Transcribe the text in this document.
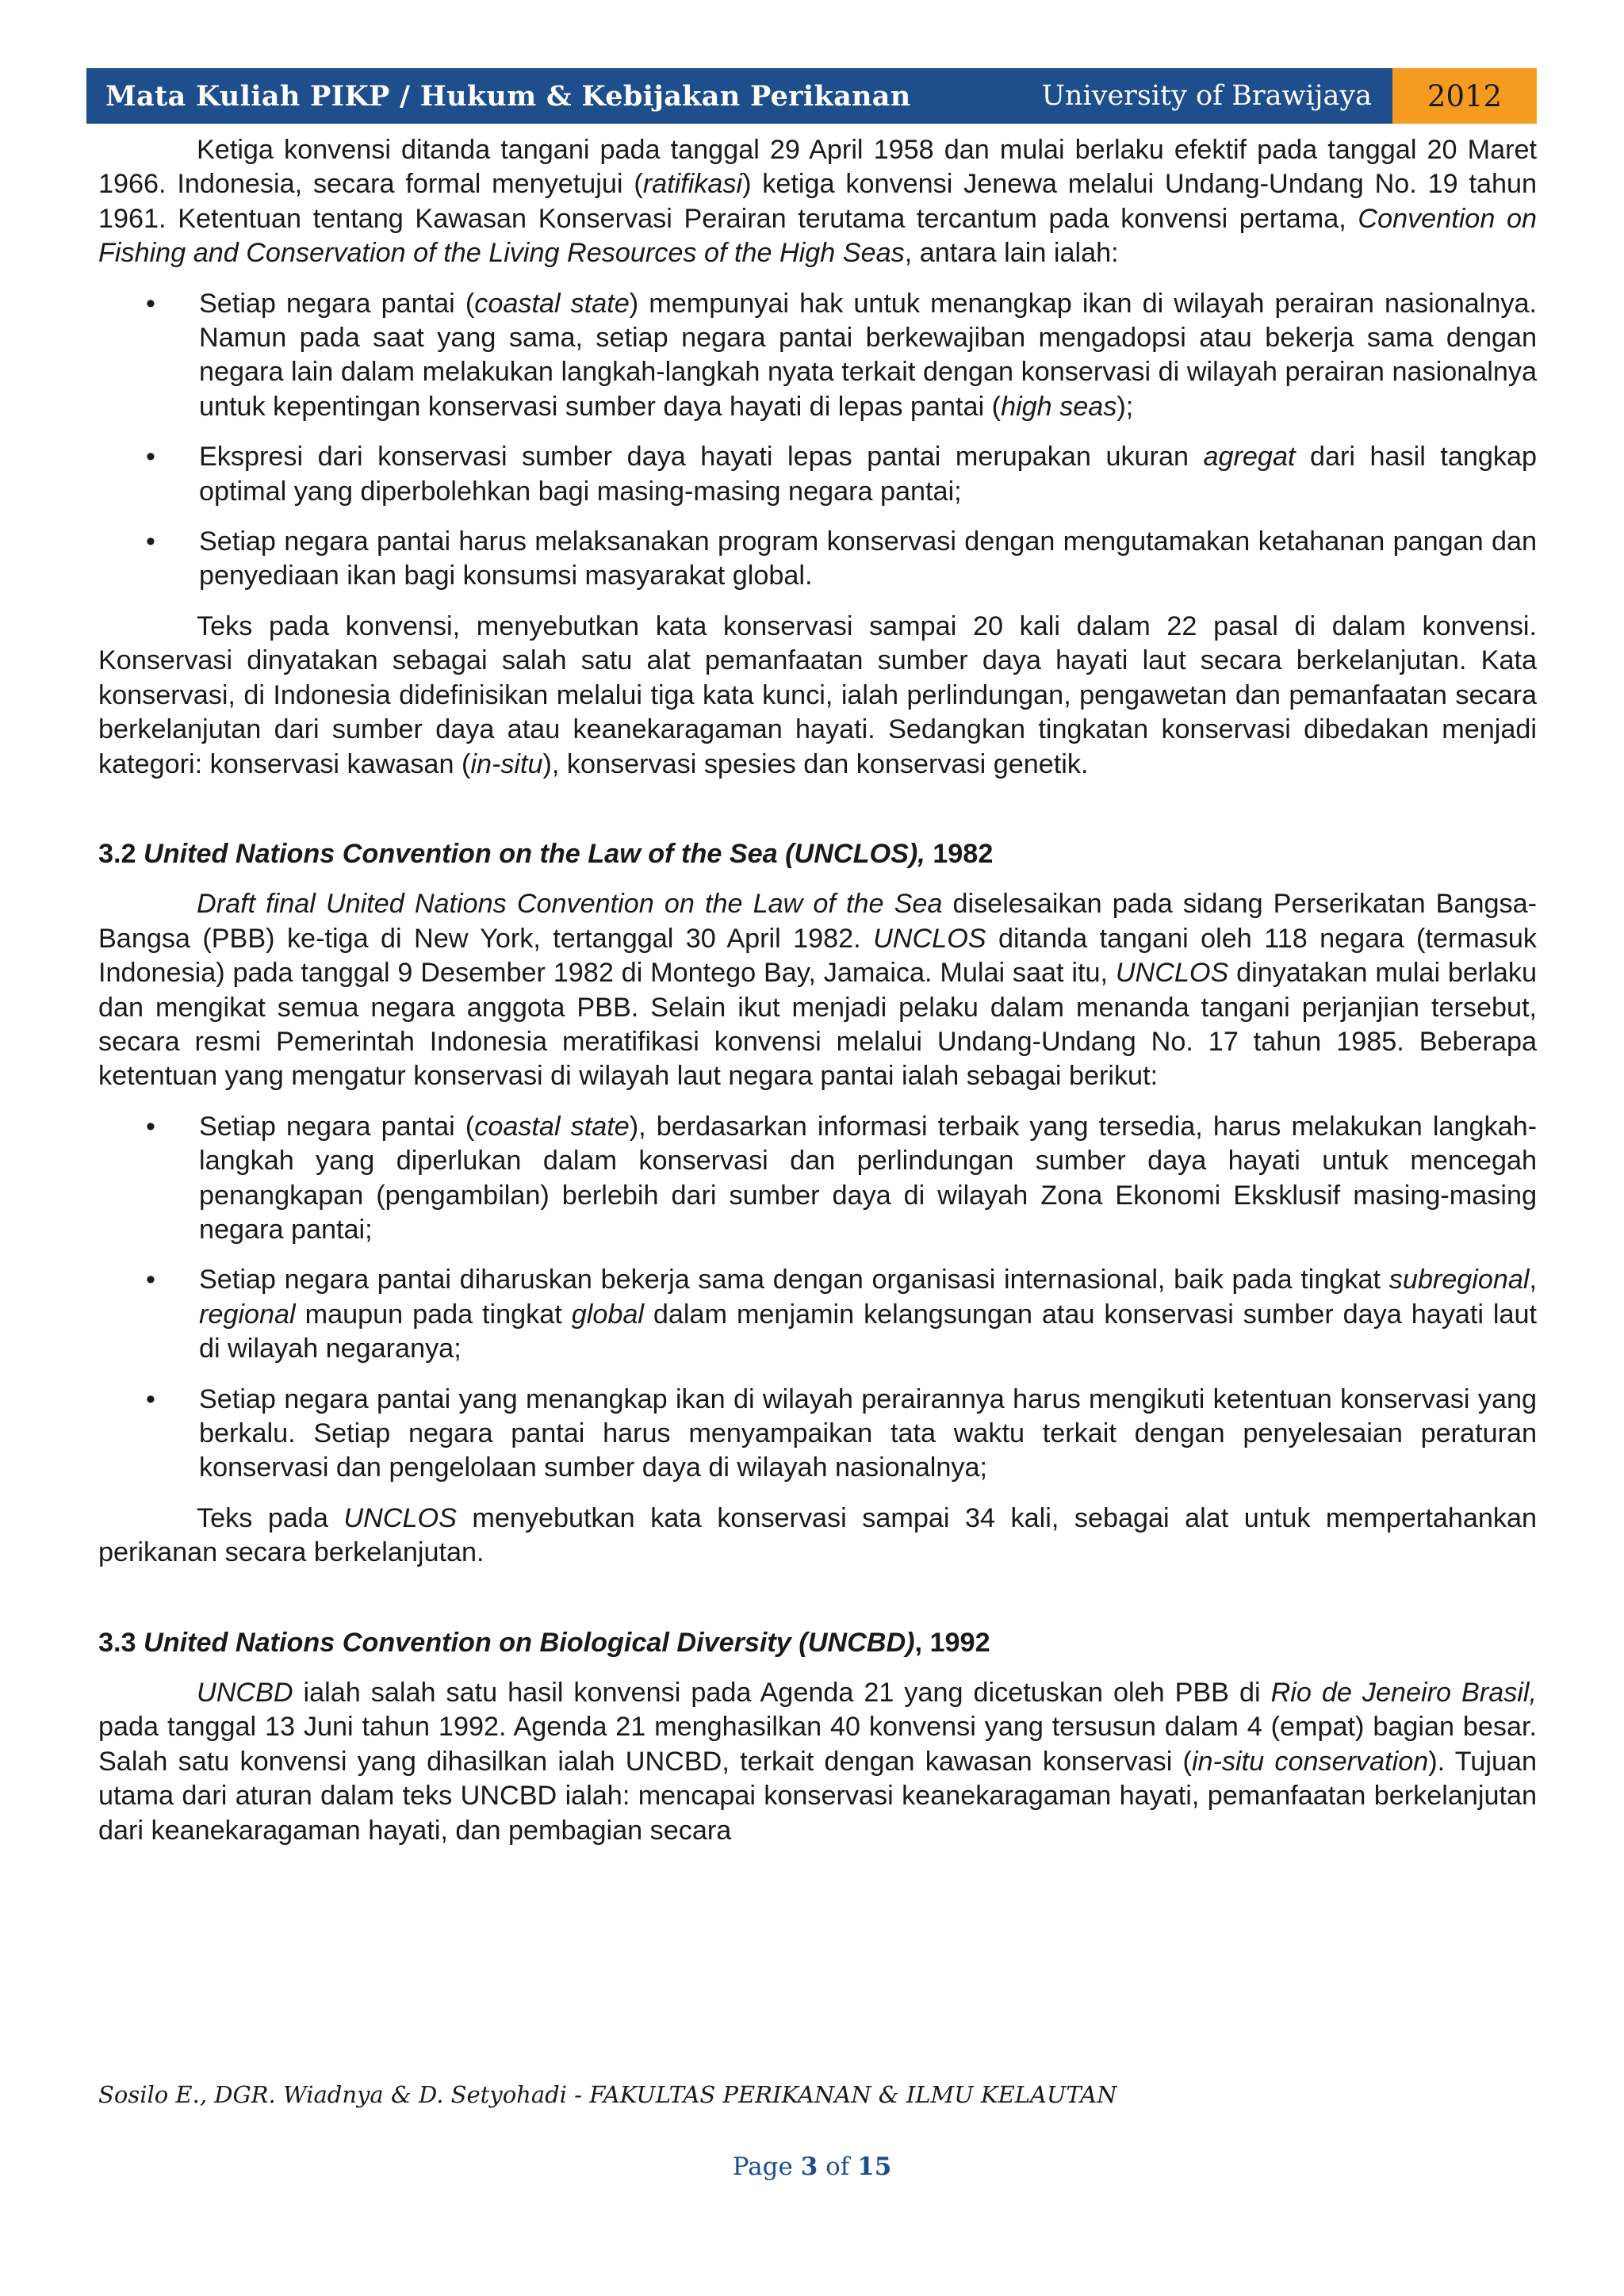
Mata Kuliah PIKP / Hukum & Kebijakan Perikanan	University of Brawijaya	2012

Ketiga konvensi ditanda tangani pada tanggal 29 April 1958 dan mulai berlaku efektif pada tanggal 20 Maret 1966. Indonesia, secara formal menyetujui (ratifikasi) ketiga konvensi Jenewa melalui Undang-Undang No. 19 tahun 1961. Ketentuan tentang Kawasan Konservasi Perairan terutama tercantum pada konvensi pertama, Convention on Fishing and Conservation of the Living Resources of the High Seas, antara lain ialah:

• Setiap negara pantai (coastal state) mempunyai hak untuk menangkap ikan di wilayah perairan nasionalnya. Namun pada saat yang sama, setiap negara pantai berkewajiban mengadopsi atau bekerja sama dengan negara lain dalam melakukan langkah-langkah nyata terkait dengan konservasi di wilayah perairan nasionalnya untuk kepentingan konservasi sumber daya hayati di lepas pantai (high seas);
• Ekspresi dari konservasi sumber daya hayati lepas pantai merupakan ukuran agregat dari hasil tangkap optimal yang diperbolehkan bagi masing-masing negara pantai;
• Setiap negara pantai harus melaksanakan program konservasi dengan mengutamakan ketahanan pangan dan penyediaan ikan bagi konsumsi masyarakat global.

Teks pada konvensi, menyebutkan kata konservasi sampai 20 kali dalam 22 pasal di dalam konvensi. Konservasi dinyatakan sebagai salah satu alat pemanfaatan sumber daya hayati laut secara berkelanjutan. Kata konservasi, di Indonesia didefinisikan melalui tiga kata kunci, ialah perlindungan, pengawetan dan pemanfaatan secara berkelanjutan dari sumber daya atau keanekaragaman hayati. Sedangkan tingkatan konservasi dibedakan menjadi kategori: konservasi kawasan (in-situ), konservasi spesies dan konservasi genetik.

3.2 United Nations Convention on the Law of the Sea (UNCLOS), 1982

Draft final United Nations Convention on the Law of the Sea diselesaikan pada sidang Perserikatan Bangsa-Bangsa (PBB) ke-tiga di New York, tertanggal 30 April 1982. UNCLOS ditanda tangani oleh 118 negara (termasuk Indonesia) pada tanggal 9 Desember 1982 di Montego Bay, Jamaica. Mulai saat itu, UNCLOS dinyatakan mulai berlaku dan mengikat semua negara anggota PBB. Selain ikut menjadi pelaku dalam menanda tangani perjanjian tersebut, secara resmi Pemerintah Indonesia meratifikasi konvensi melalui Undang-Undang No. 17 tahun 1985. Beberapa ketentuan yang mengatur konservasi di wilayah laut negara pantai ialah sebagai berikut:

• Setiap negara pantai (coastal state), berdasarkan informasi terbaik yang tersedia, harus melakukan langkah-langkah yang diperlukan dalam konservasi dan perlindungan sumber daya hayati untuk mencegah penangkapan (pengambilan) berlebih dari sumber daya di wilayah Zona Ekonomi Eksklusif masing-masing negara pantai;
• Setiap negara pantai diharuskan bekerja sama dengan organisasi internasional, baik pada tingkat subregional, regional maupun pada tingkat global dalam menjamin kelangsungan atau konservasi sumber daya hayati laut di wilayah negaranya;
• Setiap negara pantai yang menangkap ikan di wilayah perairannya harus mengikuti ketentuan konservasi yang berkalu. Setiap negara pantai harus menyampaikan tata waktu terkait dengan penyelesaian peraturan konservasi dan pengelolaan sumber daya di wilayah nasionalnya;

Teks pada UNCLOS menyebutkan kata konservasi sampai 34 kali, sebagai alat untuk mempertahankan perikanan secara berkelanjutan.

3.3 United Nations Convention on Biological Diversity (UNCBD), 1992

UNCBD ialah salah satu hasil konvensi pada Agenda 21 yang dicetuskan oleh PBB di Rio de Jeneiro Brasil, pada tanggal 13 Juni tahun 1992. Agenda 21 menghasilkan 40 konvensi yang tersusun dalam 4 (empat) bagian besar. Salah satu konvensi yang dihasilkan ialah UNCBD, terkait dengan kawasan konservasi (in-situ conservation). Tujuan utama dari aturan dalam teks UNCBD ialah: mencapai konservasi keanekaragaman hayati, pemanfaatan berkelanjutan dari keanekaragaman hayati, dan pembagian secara

Sosilo E., DGR. Wiadnya & D. Setyohadi - FAKULTAS PERIKANAN & ILMU KELAUTAN
Page 3 of 15
